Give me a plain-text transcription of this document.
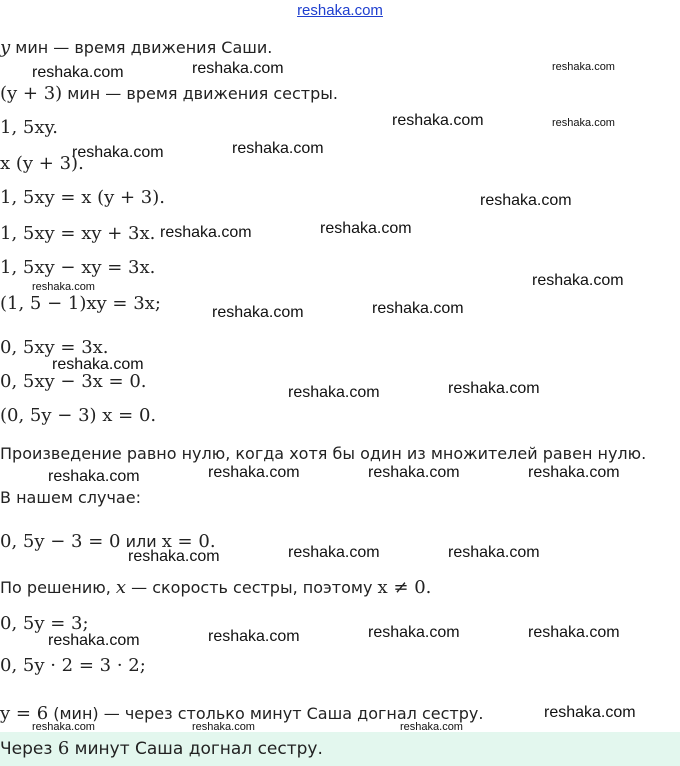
reshaka.com
y мин — время движения Саши.
(y + 3) мин — время движения сестры.
1, 5xy.
x (y + 3).
1, 5xy = x (y + 3).
1, 5xy = xy + 3x.
1, 5xy − xy = 3x.
(1, 5 − 1)xy = 3x;
0, 5xy = 3x.
0, 5xy − 3x = 0.
(0, 5y − 3) x = 0.
Произведение равно нулю, когда хотя бы один из множителей равен нулю.
В нашем случае:
0, 5y − 3 = 0 или x = 0.
По решению, x — скорость сестры, поэтому x ≠ 0.
0, 5y = 3;
0, 5y · 2 = 3 · 2;
y = 6 (мин) — через столько минут Саша догнал сестру.
Через 6 минут Саша догнал сестру.
reshaka.com	reshaka.com	reshaka.com
reshaka.com	reshaka.com
reshaka.com	reshaka.com
reshaka.com
reshaka.com	reshaka.com
reshaka.com
reshaka.com
reshaka.com	reshaka.com
reshaka.com
reshaka.com	reshaka.com
reshaka.com	reshaka.com	reshaka.com	reshaka.com
reshaka.com	reshaka.com	reshaka.com
reshaka.com	reshaka.com	reshaka.com	reshaka.com
reshaka.com
reshaka.com	reshaka.com	reshaka.com
